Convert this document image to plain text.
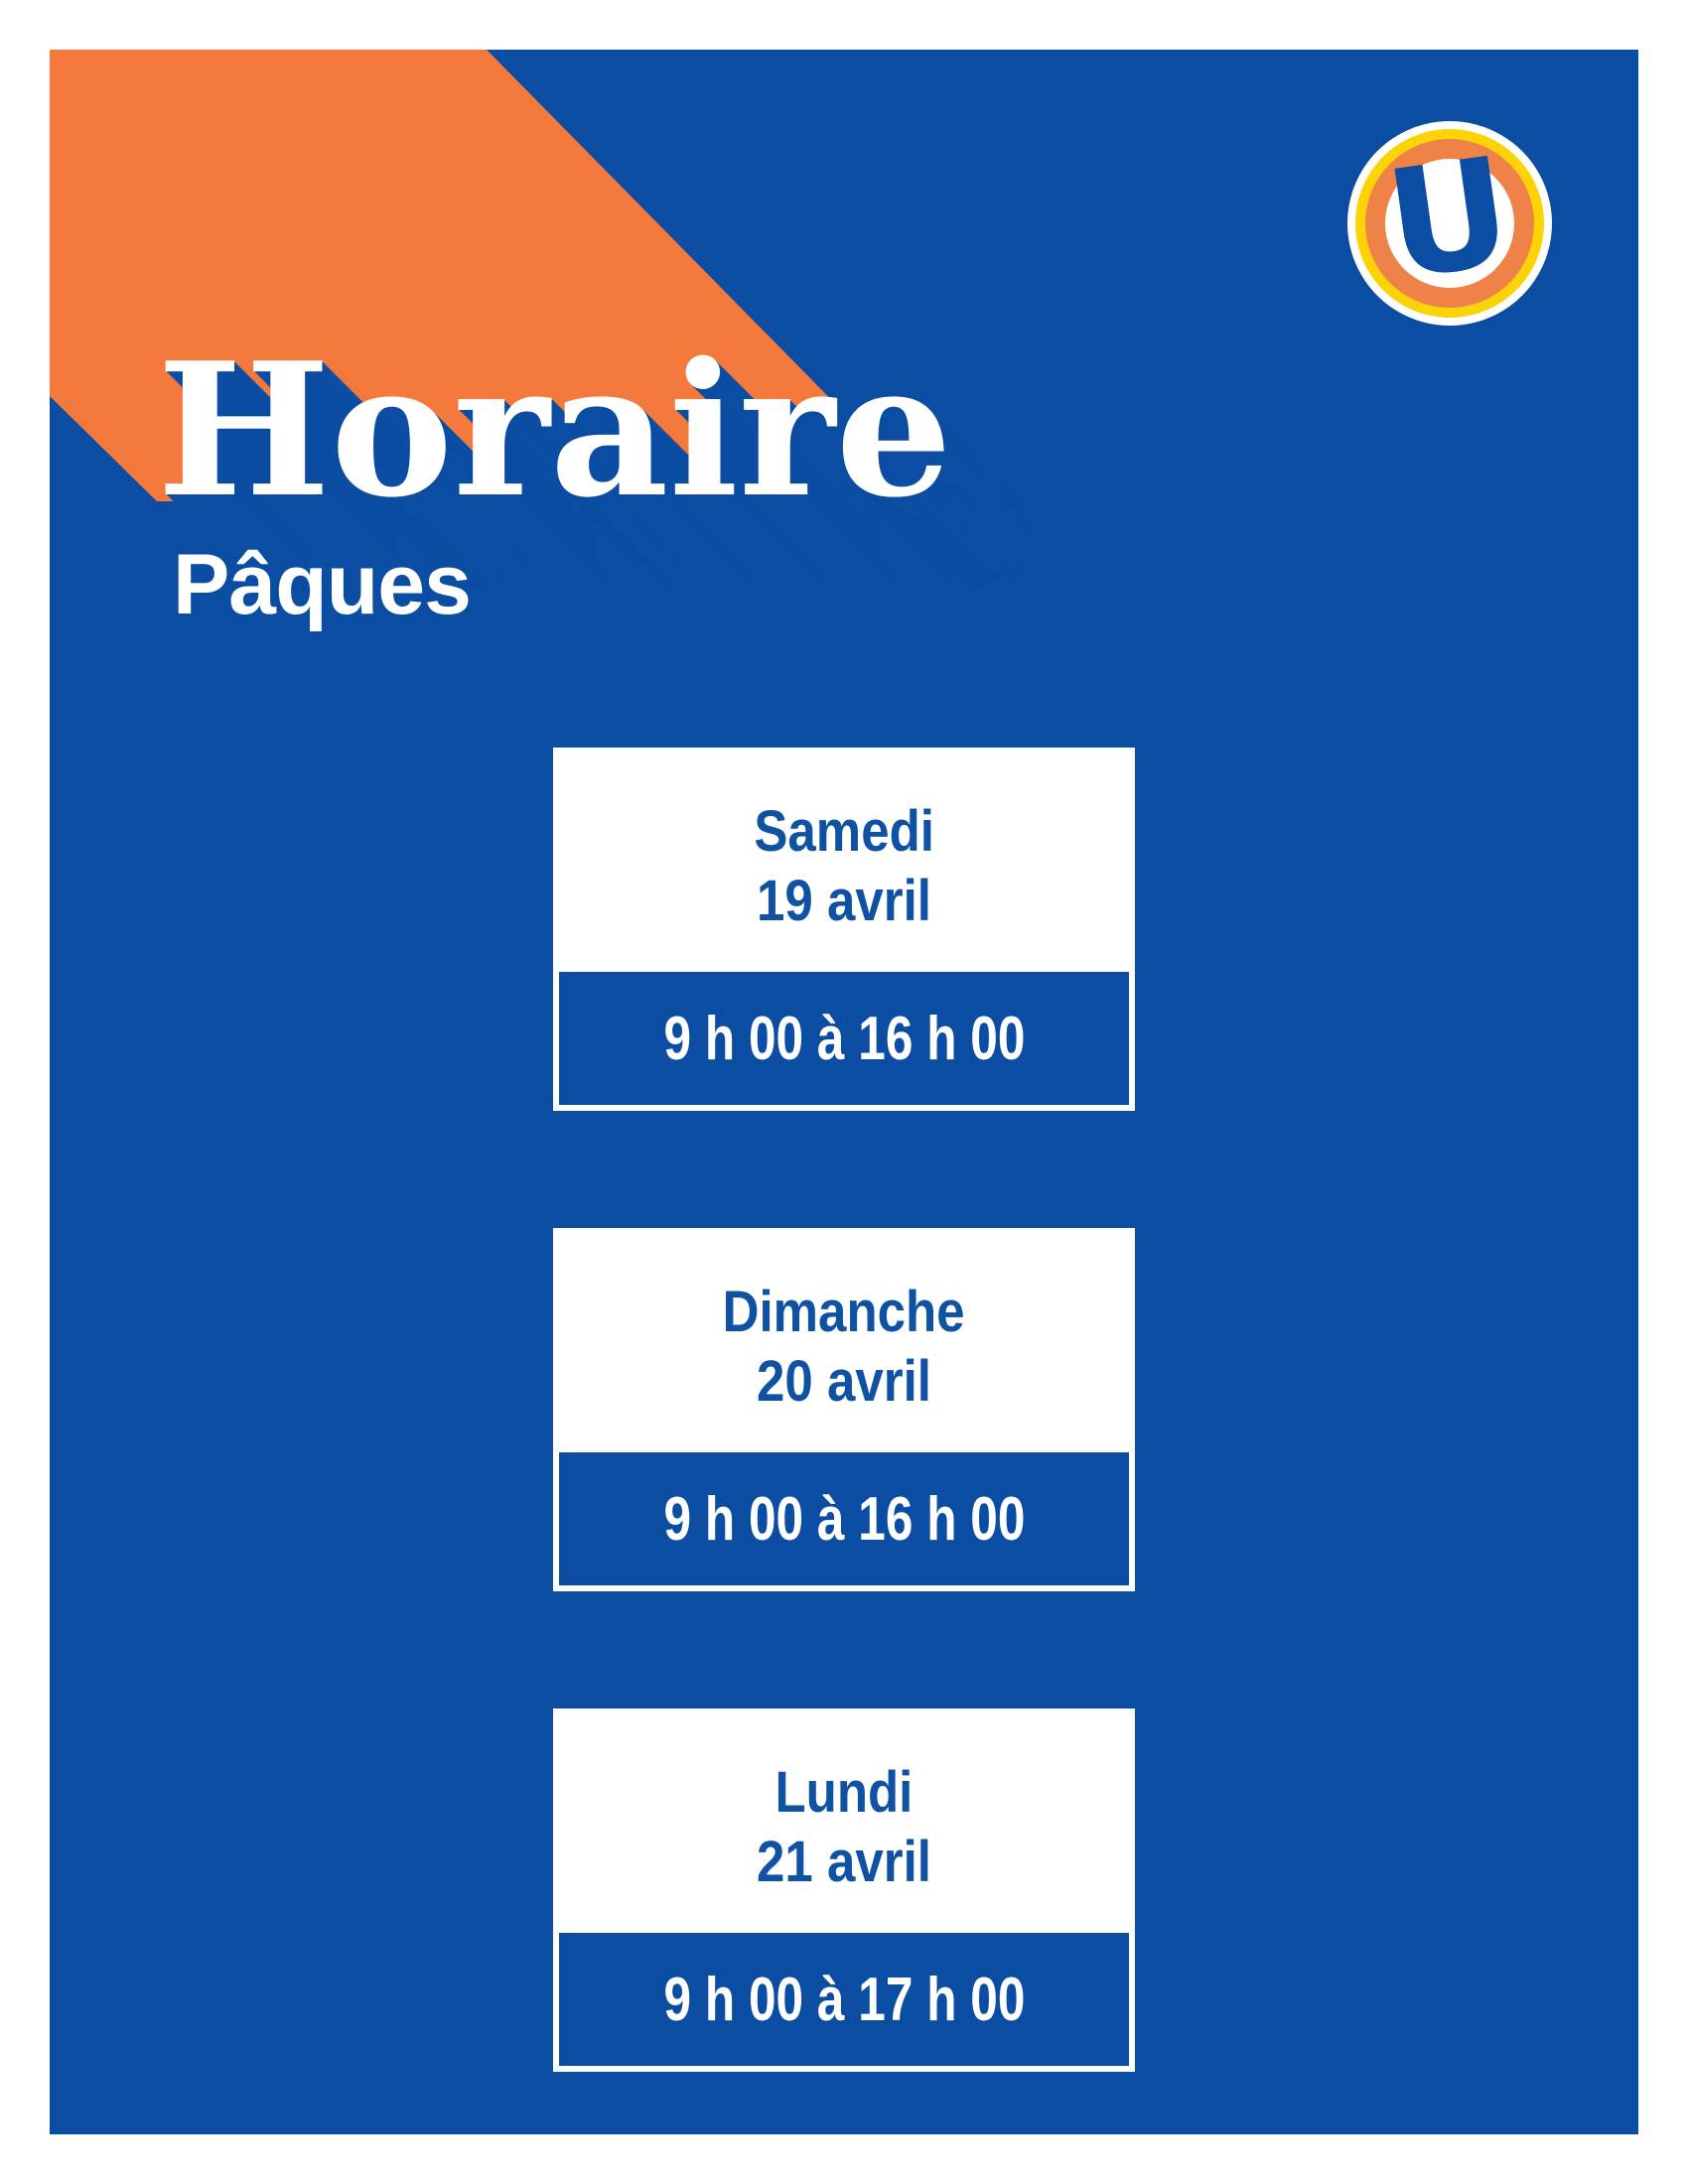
Horaire
Pâques
U
Samedi
19 avril
9 h 00 à 16 h 00
Dimanche
20 avril
9 h 00 à 16 h 00
Lundi
21 avril
9 h 00 à 17 h 00
